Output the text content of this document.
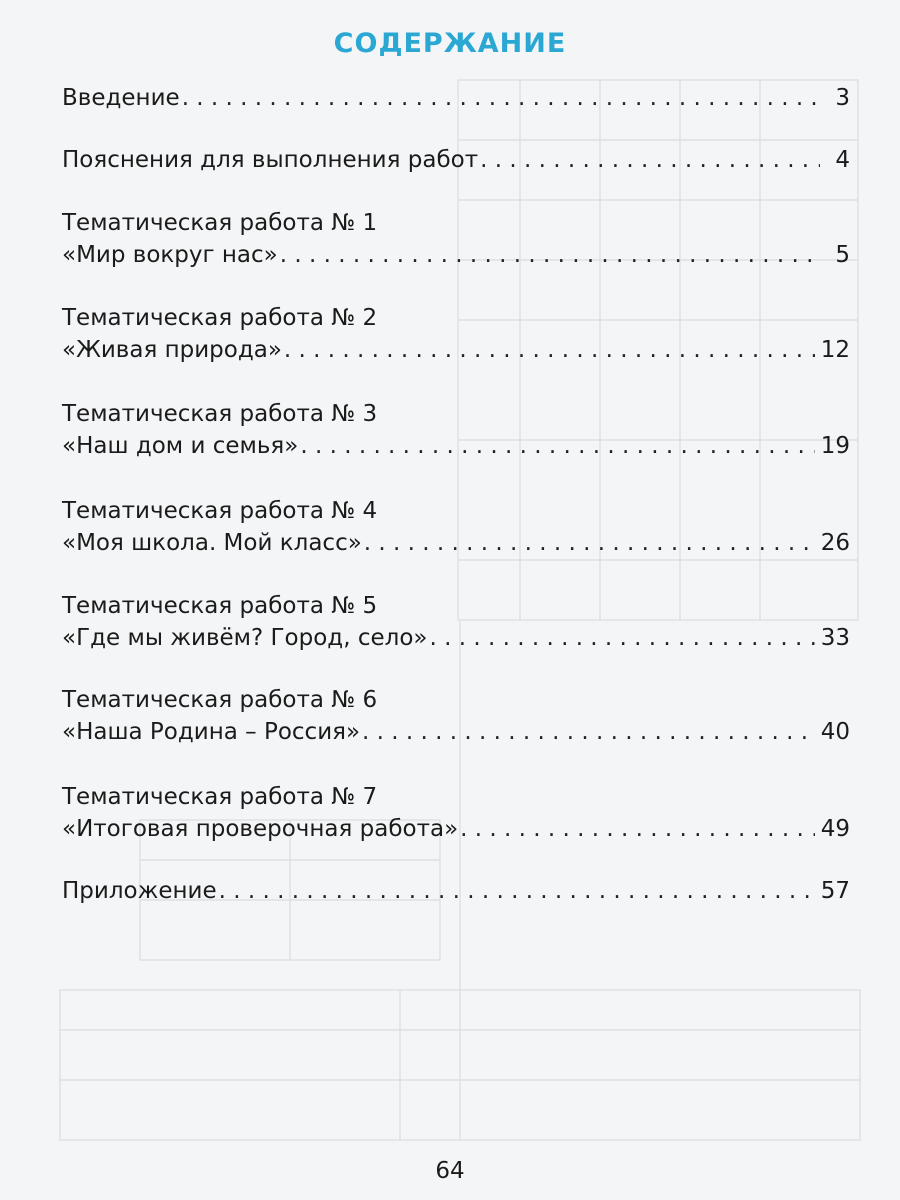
СОДЕРЖАНИЕ
Введение . . .	3
Пояснения для выполнения работ . . .	4
Тематическая работа № 1
«Мир вокруг нас» . . .	5
Тематическая работа № 2
«Живая природа» . . .	12
Тематическая работа № 3
«Наш дом и семья» . . .	19
Тематическая работа № 4
«Моя школа. Мой класс» . . .	26
Тематическая работа № 5
«Где мы живём? Город, село» . . .	33
Тематическая работа № 6
«Наша Родина – Россия» . . .	40
Тематическая работа № 7
«Итоговая проверочная работа» . . .	49
Приложение . . .	57
64
